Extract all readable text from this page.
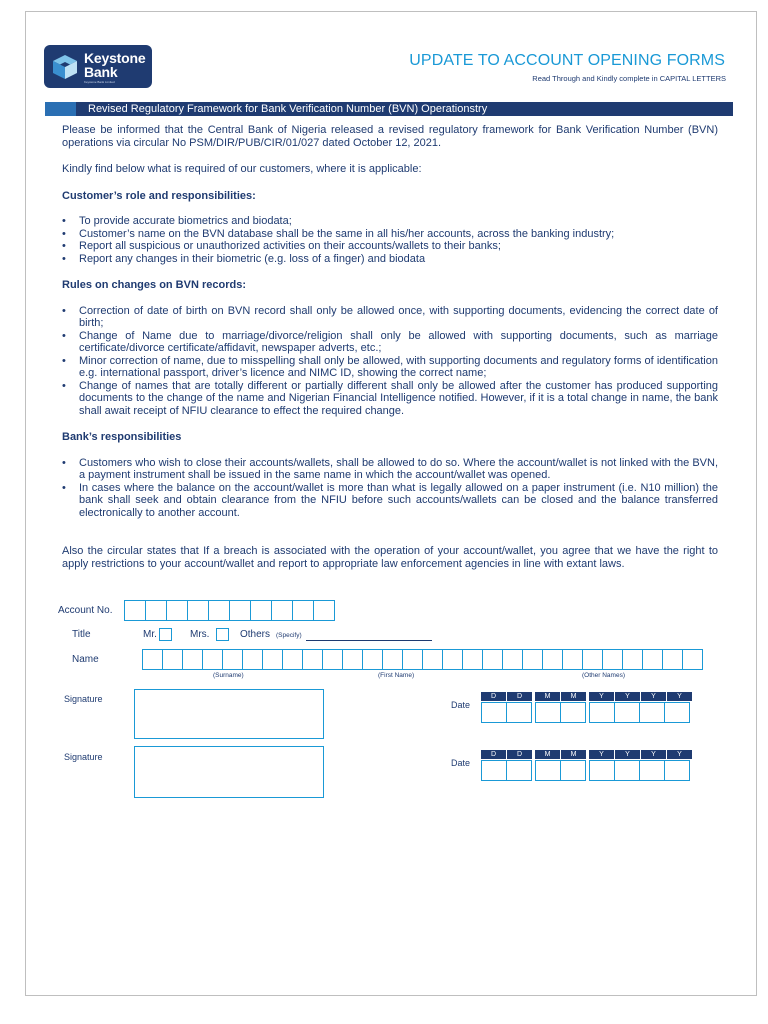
Keystone
Bank
Keystone Bank Limited
UPDATE TO ACCOUNT OPENING FORMS
Read Through and Kindly complete in CAPITAL LETTERS
Revised Regulatory Framework for Bank Verification Number (BVN) Operationstry

Please be informed that the Central Bank of Nigeria released a revised regulatory framework for Bank Verification Number (BVN) operations via circular No PSM/DIR/PUB/CIR/01/027 dated October 12, 2021.

Kindly find below what is required of our customers, where it is applicable:

Customer’s role and responsibilities:
• To provide accurate biometrics and biodata;
• Customer’s name on the BVN database shall be the same in all his/her accounts, across the banking industry;
• Report all suspicious or unauthorized activities on their accounts/wallets to their banks;
• Report any changes in their biometric (e.g. loss of a finger) and biodata
Rules on changes on BVN records:
• Correction of date of birth on BVN record shall only be allowed once, with supporting documents, evidencing the correct date of birth;
• Change of Name due to marriage/divorce/religion shall only be allowed with supporting documents, such as marriage certificate/divorce certificate/affidavit, newspaper adverts, etc.;
• Minor correction of name, due to misspelling shall only be allowed, with supporting documents and regulatory forms of identification e.g. international passport, driver’s licence and NIMC ID, showing the correct name;
• Change of names that are totally different or partially different shall only be allowed after the customer has produced supporting documents to the change of the name and Nigerian Financial Intelligence notified. However, if it is a total change in name, the bank shall await receipt of NFIU clearance to effect the required change.
Bank’s responsibilities
• Customers who wish to close their accounts/wallets, shall be allowed to do so. Where the account/wallet is not linked with the BVN, a payment instrument shall be issued in the same name in which the account/wallet was opened.
• In cases where the balance on the account/wallet is more than what is legally allowed on a paper instrument (i.e. N10 million) the bank shall seek and obtain clearance from the NFIU before such accounts/wallets can be closed and the balance transferred electronically to another account.

Also the circular states that If a breach is associated with the operation of your account/wallet, you agree that we have the right to apply restrictions to your account/wallet and report to appropriate law enforcement agencies in line with extant laws.

Account No.
Title	Mr.	Mrs.	Others (Specify)
Name
(Surname)	(First Name)	(Other Names)
Signature
Date
D	D	M	M	Y	Y	Y	Y
Signature
Date
D	D	M	M	Y	Y	Y	Y
